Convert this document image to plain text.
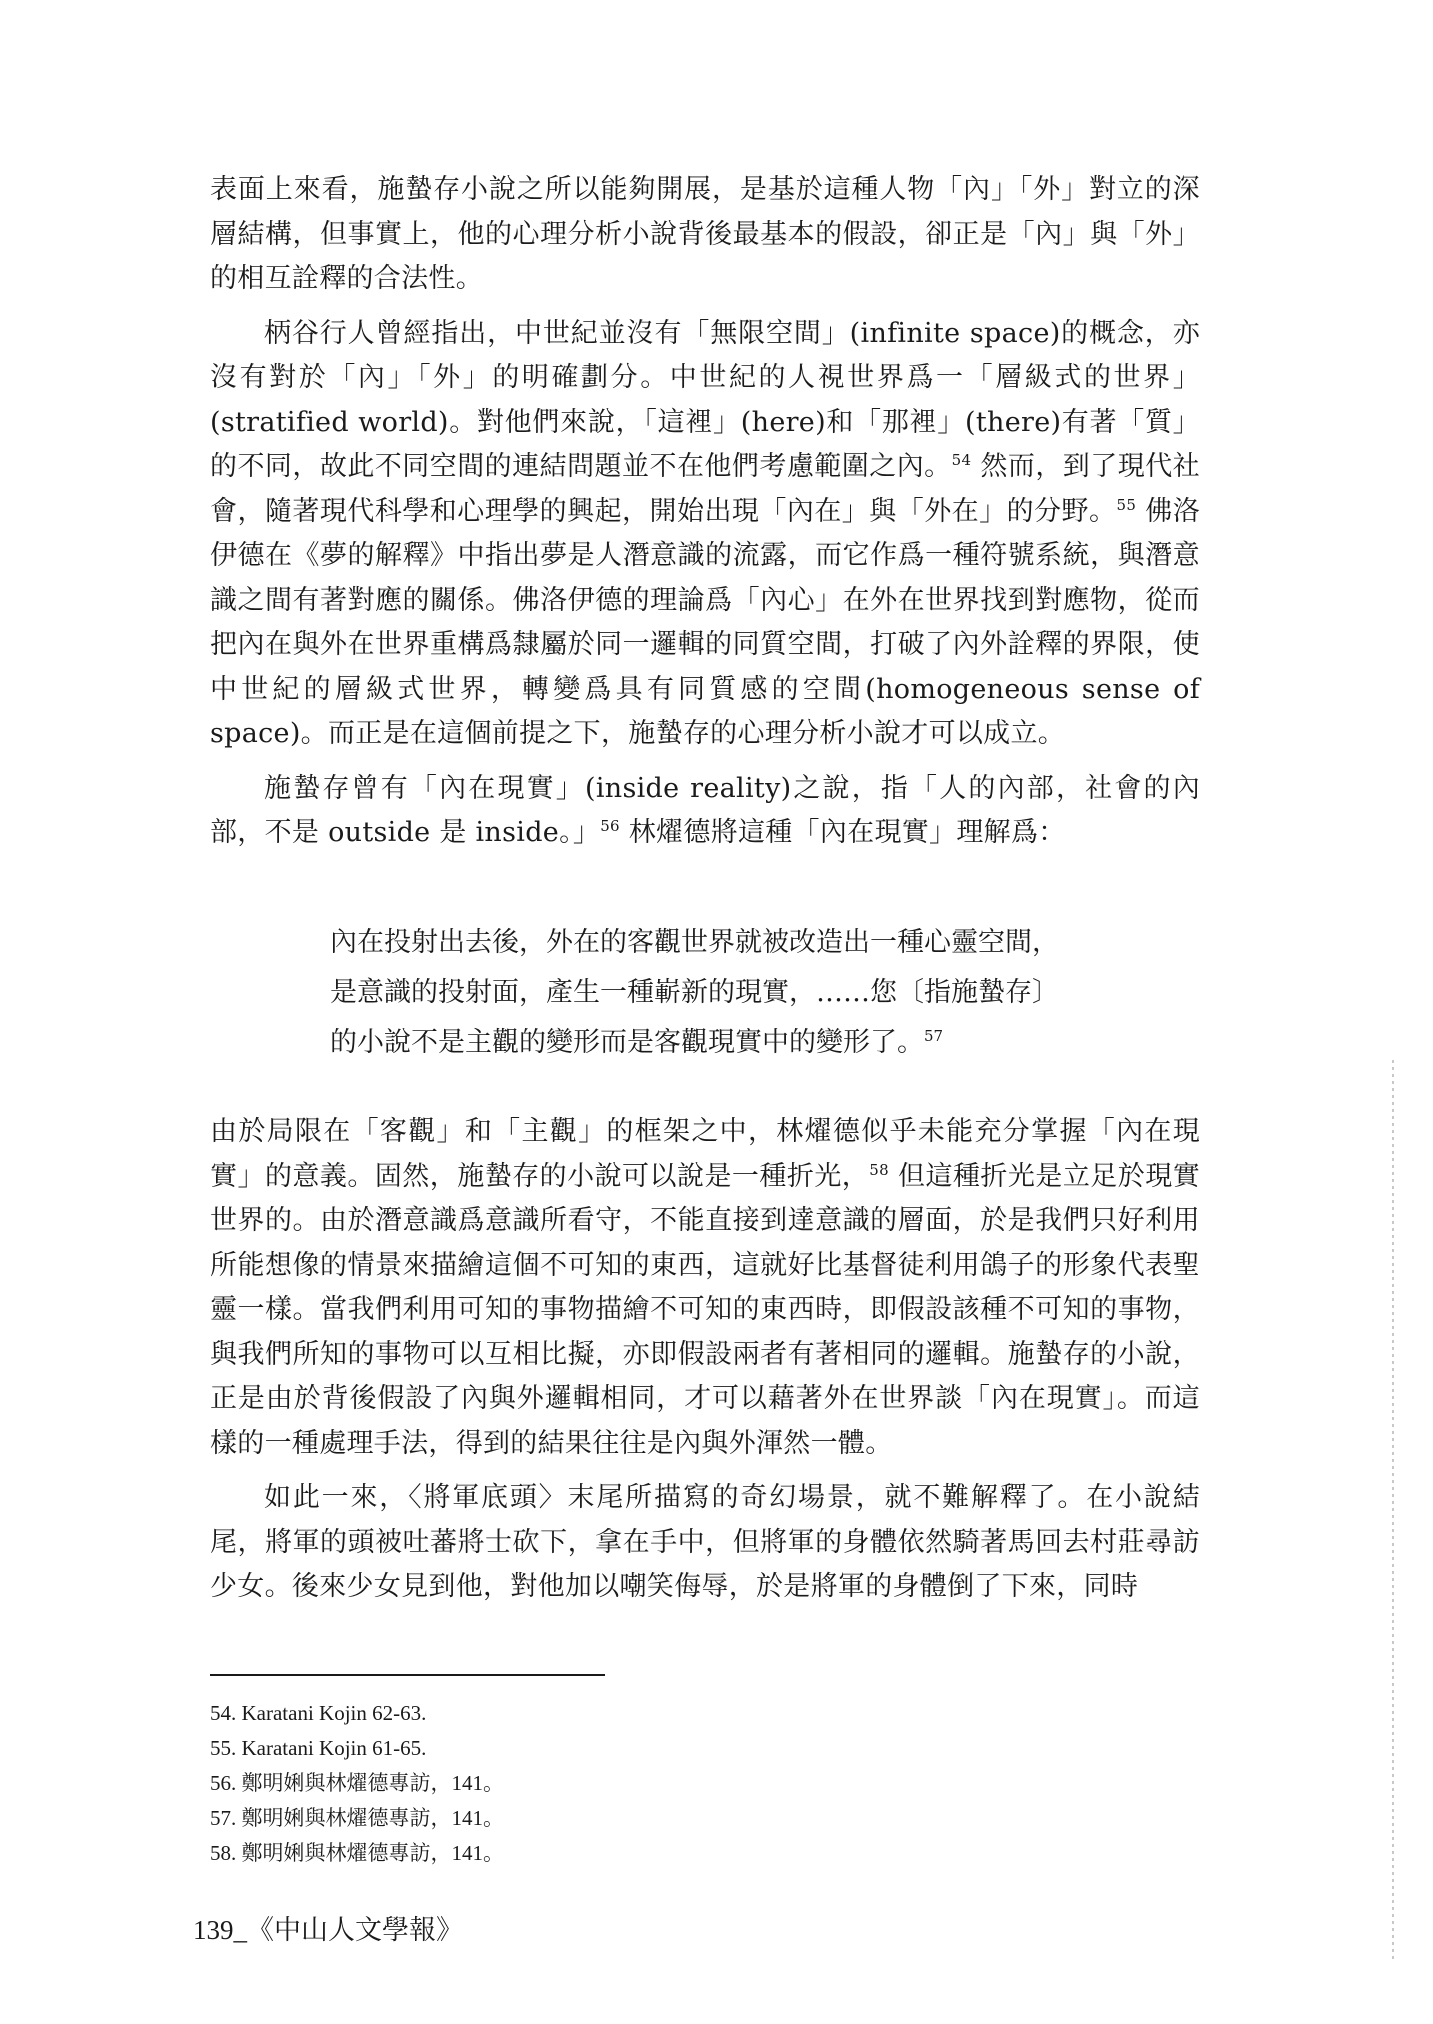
表面上來看，施蟄存小說之所以能夠開展，是基於這種人物「內」「外」對立的深層結構，但事實上，他的心理分析小說背後最基本的假設，卻正是「內」與「外」的相互詮釋的合法性。

柄谷行人曾經指出，中世紀並沒有「無限空間」(infinite space)的概念，亦沒有對於「內」「外」的明確劃分。中世紀的人視世界爲一「層級式的世界」(stratified world)。對他們來說，「這裡」(here)和「那裡」(there)有著「質」的不同，故此不同空間的連結問題並不在他們考慮範圍之內。$^{54}$ 然而，到了現代社會，隨著現代科學和心理學的興起，開始出現「內在」與「外在」的分野。$^{55}$ 佛洛伊德在《夢的解釋》中指出夢是人潛意識的流露，而它作爲一種符號系統，與潛意識之間有著對應的關係。佛洛伊德的理論爲「內心」在外在世界找到對應物，從而把內在與外在世界重構爲隸屬於同一邏輯的同質空間，打破了內外詮釋的界限，使中世紀的層級式世界，轉變爲具有同質感的空間(homogeneous sense of space)。而正是在這個前提之下，施蟄存的心理分析小說才可以成立。

施蟄存曾有「內在現實」(inside reality)之說，指「人的內部，社會的內部，不是 outside 是 inside。」$^{56}$ 林燿德將這種「內在現實」理解爲：

內在投射出去後，外在的客觀世界就被改造出一種心靈空間，

是意識的投射面，產生一種嶄新的現實，……您〔指施蟄存〕

的小說不是主觀的變形而是客觀現實中的變形了。$^{57}$

由於局限在「客觀」和「主觀」的框架之中，林燿德似乎未能充分掌握「內在現實」的意義。固然，施蟄存的小說可以說是一種折光，$^{58}$ 但這種折光是立足於現實世界的。由於潛意識爲意識所看守，不能直接到達意識的層面，於是我們只好利用所能想像的情景來描繪這個不可知的東西，這就好比基督徒利用鴿子的形象代表聖靈一樣。當我們利用可知的事物描繪不可知的東西時，即假設該種不可知的事物，與我們所知的事物可以互相比擬，亦即假設兩者有著相同的邏輯。施蟄存的小說，正是由於背後假設了內與外邏輯相同，才可以藉著外在世界談「內在現實」。而這樣的一種處理手法，得到的結果往往是內與外渾然一體。

如此一來，〈將軍底頭〉末尾所描寫的奇幻場景，就不難解釋了。在小說結尾，將軍的頭被吐蕃將士砍下，拿在手中，但將軍的身體依然騎著馬回去村莊尋訪少女。後來少女見到他，對他加以嘲笑侮辱，於是將軍的身體倒了下來，同時

54. Karatani Kojin 62-63.

55. Karatani Kojin 61-65.

56. 鄭明娳與林燿德專訪，141。

57. 鄭明娳與林燿德專訪，141。

58. 鄭明娳與林燿德專訪，141。

139_《中山人文學報》
